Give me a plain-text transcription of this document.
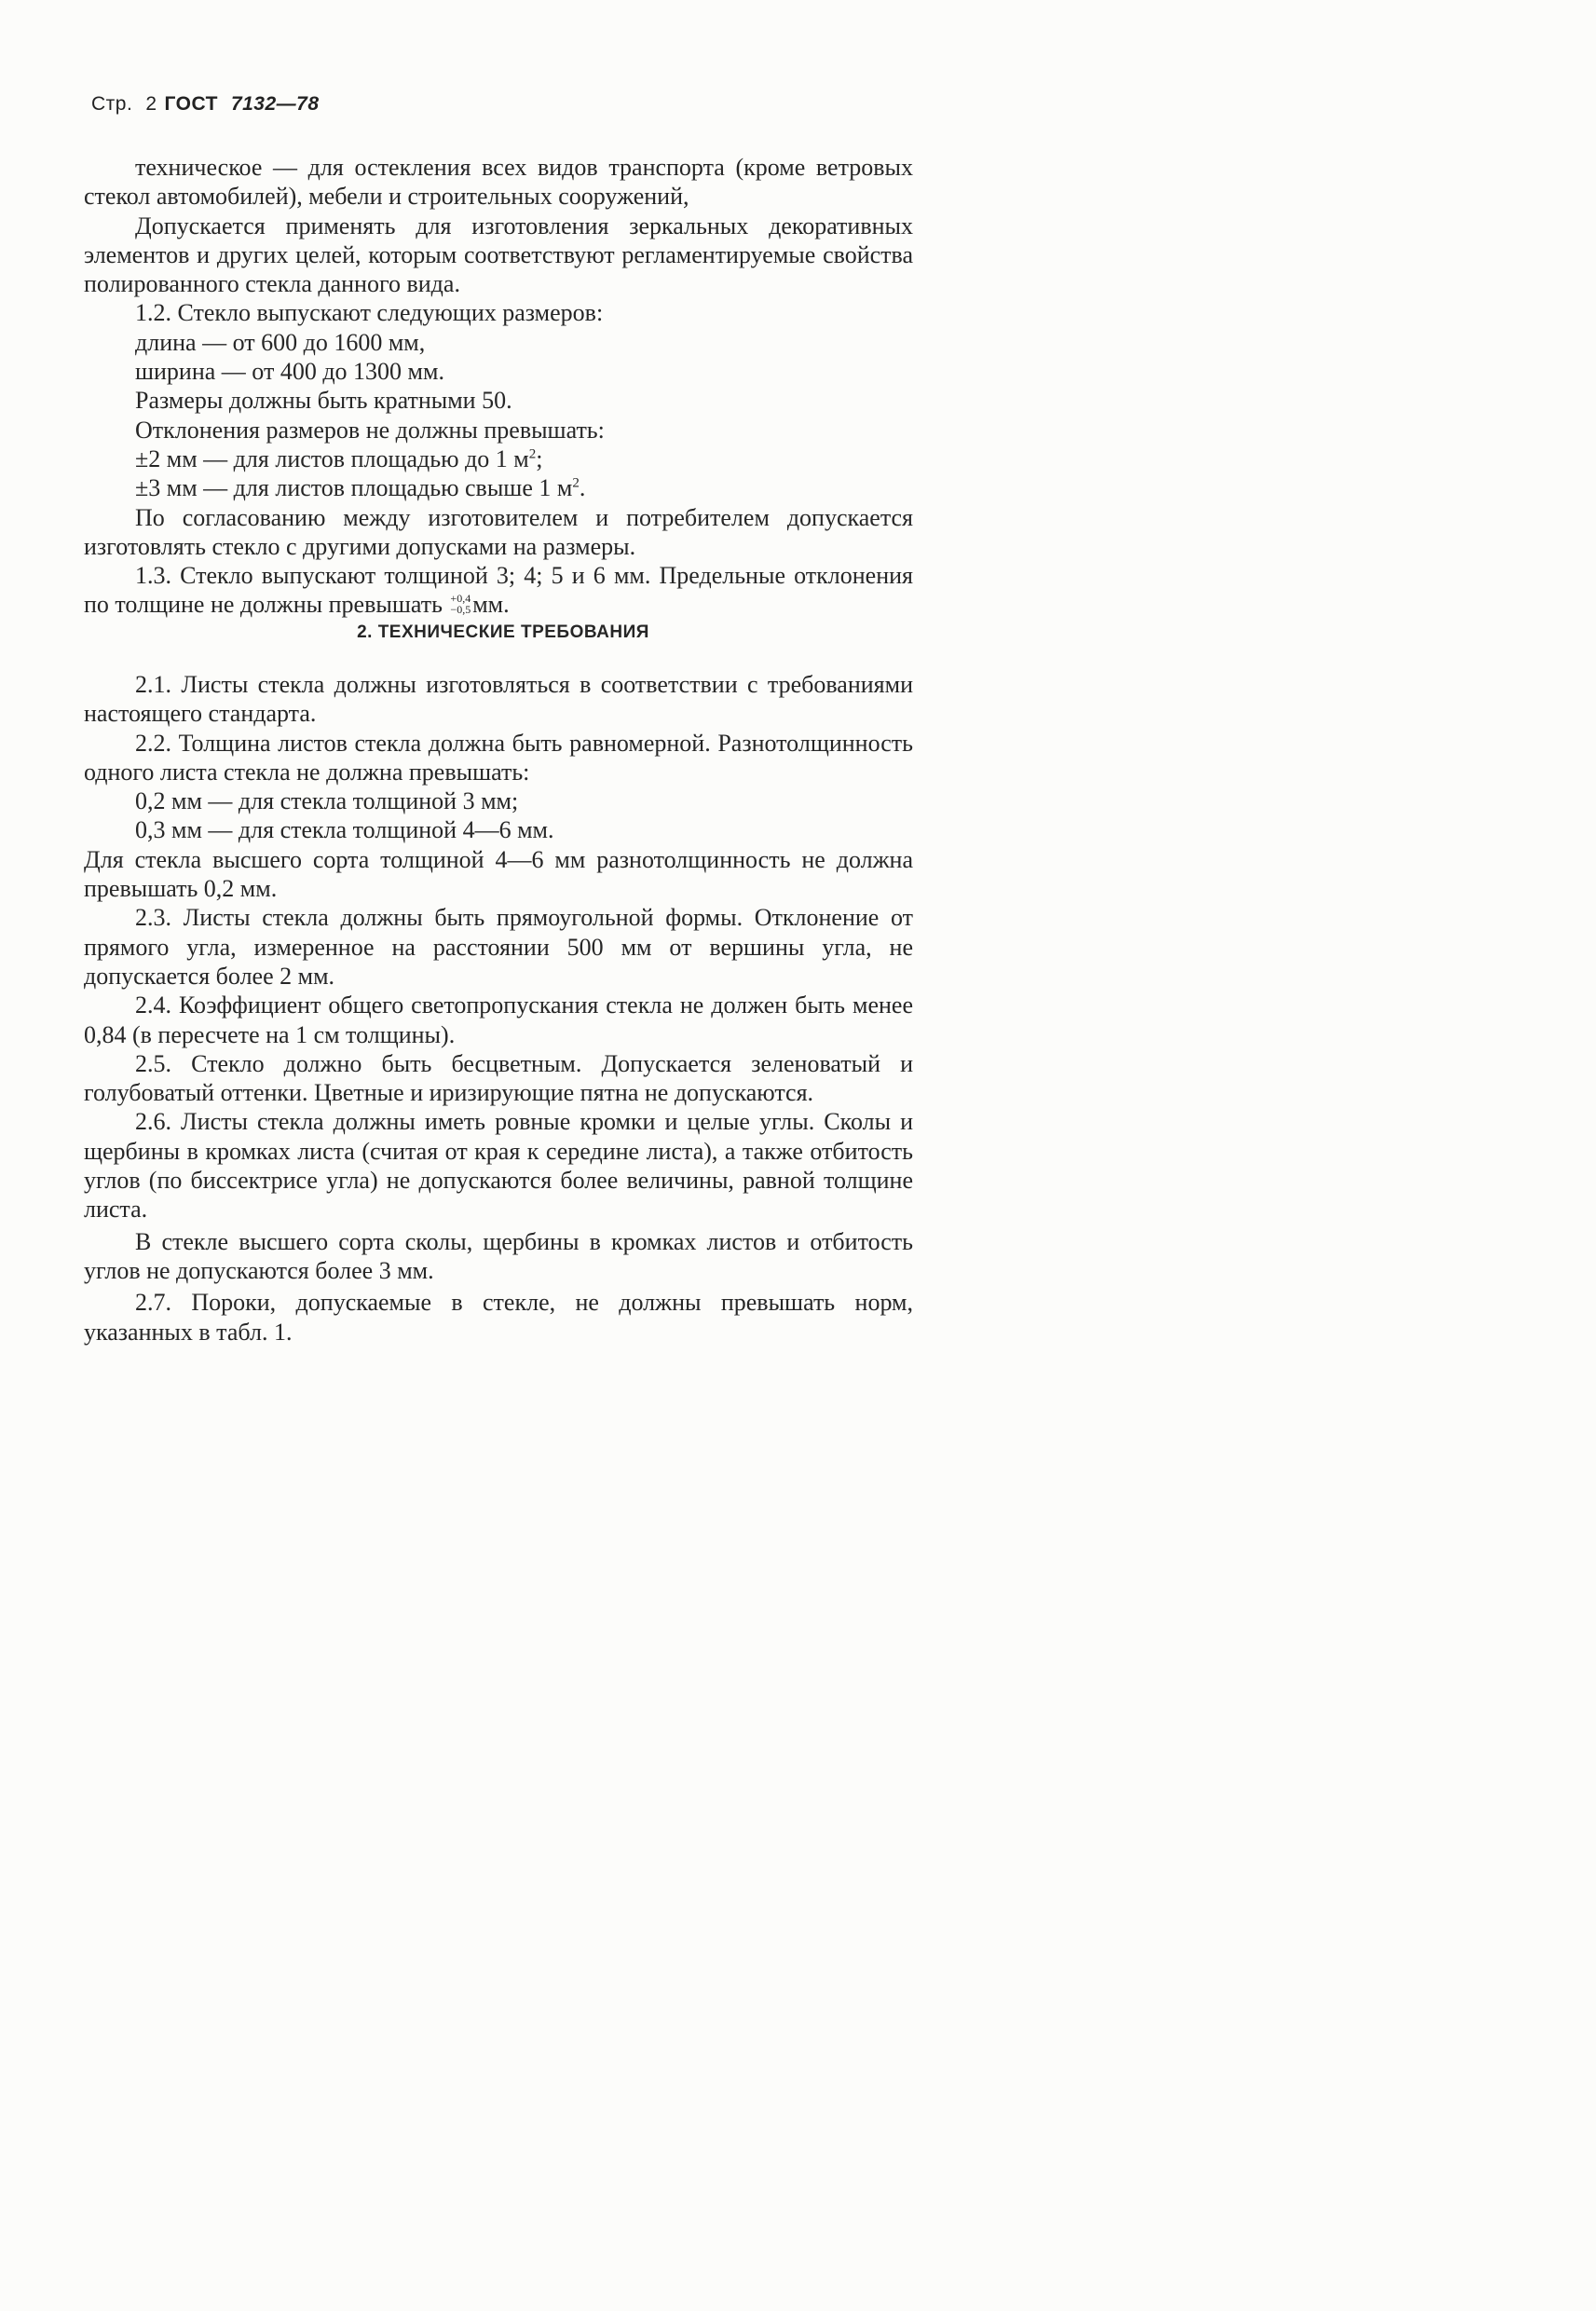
Стр. 2 ГОСТ 7132—78

техническое — для остекления всех видов транспорта (кроме ветровых стекол автомобилей), мебели и строительных сооружений,

Допускается применять для изготовления зеркальных декоративных элементов и других целей, которым соответствуют регламентируемые свойства полированного стекла данного вида.

1.2. Стекло выпускают следующих размеров:

длина — от 600 до 1600 мм,

ширина — от 400 до 1300 мм.

Размеры должны быть кратными 50.

Отклонения размеров не должны превышать:

±2 мм — для листов площадью до 1 $м^2$;

±3 мм — для листов площадью свыше 1 $м^2$.

По согласованию между изготовителем и потребителем допускается изготовлять стекло с другими допусками на размеры.

1.3. Стекло выпускают толщиной 3; 4; 5 и 6 мм. Предельные отклонения по толщине не должны превышать +0,4
−0,5 мм.

2. ТЕХНИЧЕСКИЕ ТРЕБОВАНИЯ

2.1. Листы стекла должны изготовляться в соответствии с требованиями настоящего стандарта.

2.2. Толщина листов стекла должна быть равномерной. Разнотолщинность одного листа стекла не должна превышать:

0,2 мм — для стекла толщиной 3 мм;

0,3 мм — для стекла толщиной 4—6 мм.

Для стекла высшего сорта толщиной 4—6 мм разнотолщинность не должна превышать 0,2 мм.

2.3. Листы стекла должны быть прямоугольной формы. Отклонение от прямого угла, измеренное на расстоянии 500 мм от вершины угла, не допускается более 2 мм.

2.4. Коэффициент общего светопропускания стекла не должен быть менее 0,84 (в пересчете на 1 см толщины).

2.5. Стекло должно быть бесцветным. Допускается зеленоватый и голубоватый оттенки. Цветные и иризирующие пятна не допускаются.

2.6. Листы стекла должны иметь ровные кромки и целые углы. Сколы и щербины в кромках листа (считая от края к середине листа), а также отбитость углов (по биссектрисе угла) не допускаются более величины, равной толщине листа.

В стекле высшего сорта сколы, щербины в кромках листов и отбитость углов не допускаются более 3 мм.

2.7. Пороки, допускаемые в стекле, не должны превышать норм, указанных в табл. 1.
